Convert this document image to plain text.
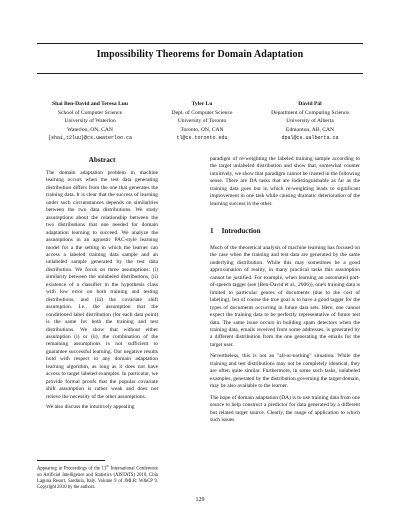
Impossibility Theorems for Domain Adaptation
Shai Ben-David and Teresa Luu
School of Computer Science
University of Waterloo
Waterloo, ON, CAN
{shai,t2luu}@cs.uwaterloo.ca
Tyler Lu
Dept. of Computer Science
University of Toronto
Toronto, ON, CAN
tl@cs.toronto.edu
Dávid Pál
Department of Computing Science
University of Alberta
Edmonton, AB, CAN
dpal@cs.ualberta.ca
Abstract

The domain adaptation problem in machine learning occurs when the test data generating distribution differs from the one that generates the training data. It is clear that the success of learning under such circumstances depends on similarities between the two data distributions. We study assumptions about the relationship between the two distributions that one needed for domain adaptation learning to succeed. We analyze the assumptions in an agnostic PAC-style learning model for a the setting in which the learner can access a labeled training data sample and an unlabeled sample generated by the test data distribution. We focus on three assumptions: (i) similarity between the unlabeled distributions, (ii) existence of a classifier in the hypothesis class with low error on both training and testing distributions, and (iii) the covariate shift assumption. I.e., the assumption that the conditioned label distribution (for each data point) is the same for both the training and test distributions. We show that without either assumption (i) or (ii), the combination of the remaining assumptions is not sufficient to guarantee successful learning. Our negative results hold with respect to any domain adaptation learning algorithm, as long as it does not have access to target labeled examples. In particular, we provide formal proofs that the popular covariate shift assumption is rather weak and does not relieve the necessity of the other assumptions.

We also discuss the intuitively appealing

paradigm of re-weighting the labeled training sample according to the target unlabeled distribution and show that, somewhat counter intuitively, we show that paradigm cannot be trusted in the following sense. There are DA tasks that are indistinguishable as far as the training data goes but in which re-weighting leads to significant improvement in one task while causing dramatic deterioration of the learning success in the other.

1 Introduction

Much of the theoretical analysis of machine learning has focused on the case when the training and test data are generated by the same underlying distribution. While this may sometimes be a good approximation of reality, in many practical tasks this assumption cannot be justified. For example, when learning an automated part-of-speech tagger (see (Ben-David et al., 2006)), one's training data is limited to particular genres of documents (due to the cost of labeling), but of course the true goal is to have a good tagger for the types of documents occurring in future data sets. Here, one cannot expect the training data to be perfectly representative of future test data. The same issue occurs in building spam detectors when the training data, emails received from some addresses, is generated by a different distribution from the one generating the emails for the target user.

Nevertheless, this is not an "all-or-nothing" situation. While the training and test distributions may not be completely identical, they are often quite similar. Furthermore, in some such tasks, unlabeled examples, generated by the distribution governing the target domain, may be also available to the learner.

The hope of domain adaptation (DA) is to use training data from one source to help construct a predictor for data generated by a different but related target source. Clearly, the range of application to which such issues

Appearing in Proceedings of the 13th International Conference on Artificial Intelligence and Statistics (AISTATS) 2010, Chia Laguna Resort, Sardinia, Italy. Volume 9 of JMLR: W&CP 9. Copyright 2010 by the authors.
129
